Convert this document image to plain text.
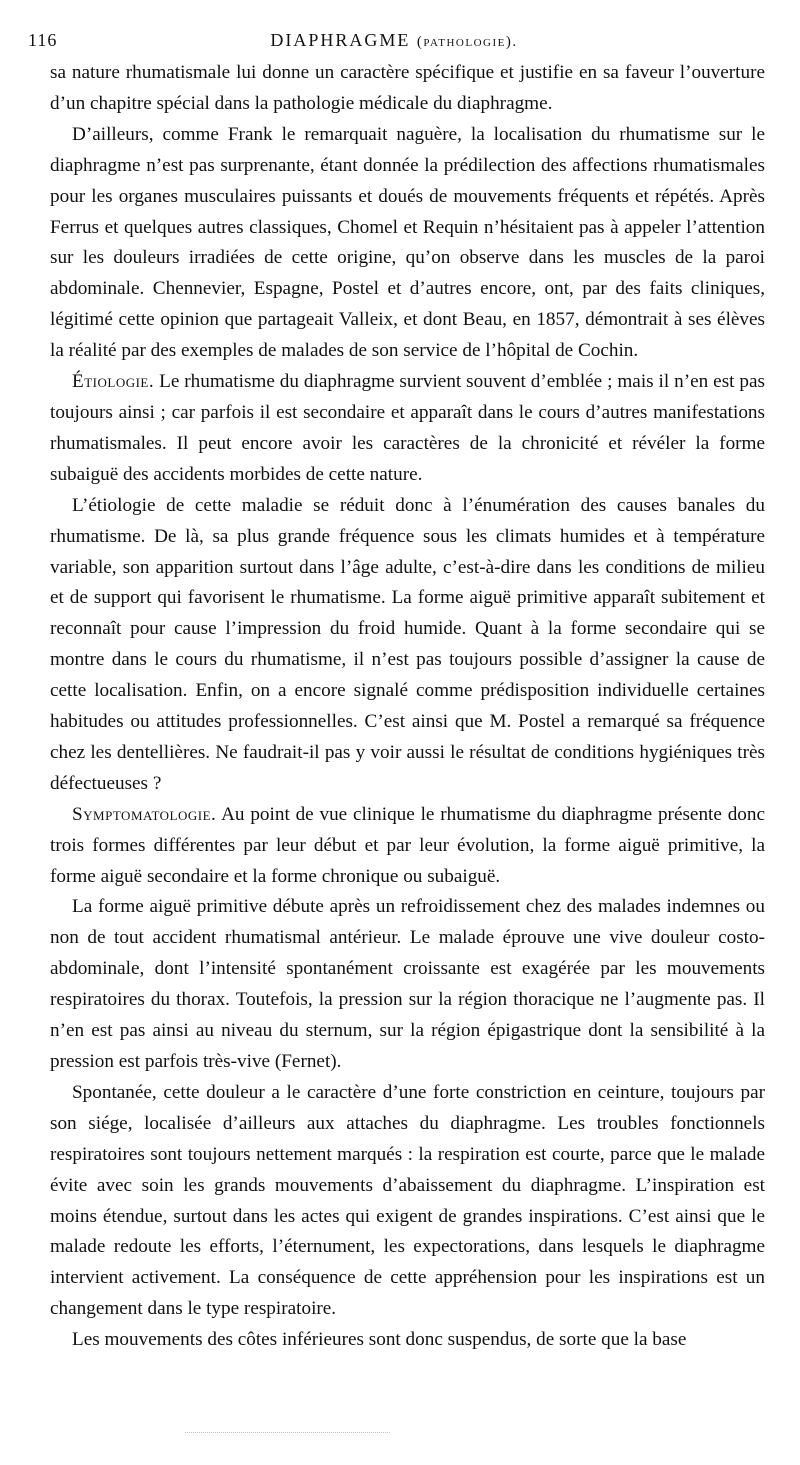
116	DIAPHRAGME (pathologie).

sa nature rhumatismale lui donne un caractère spécifique et justifie en sa faveur l’ouverture d’un chapitre spécial dans la pathologie médicale du diaphragme.

D’ailleurs, comme Frank le remarquait naguère, la localisation du rhumatisme sur le diaphragme n’est pas surprenante, étant donnée la prédilection des affections rhumatismales pour les organes musculaires puissants et doués de mouvements fréquents et répétés. Après Ferrus et quelques autres classiques, Chomel et Requin n’hésitaient pas à appeler l’attention sur les douleurs irradiées de cette origine, qu’on observe dans les muscles de la paroi abdominale. Chennevier, Espagne, Postel et d’autres encore, ont, par des faits cliniques, légitimé cette opinion que partageait Valleix, et dont Beau, en 1857, démontrait à ses élèves la réalité par des exemples de malades de son service de l’hôpital de Cochin.

Étiologie. Le rhumatisme du diaphragme survient souvent d’emblée ; mais il n’en est pas toujours ainsi ; car parfois il est secondaire et apparaît dans le cours d’autres manifestations rhumatismales. Il peut encore avoir les caractères de la chronicité et révéler la forme subaiguë des accidents morbides de cette nature.

L’étiologie de cette maladie se réduit donc à l’énumération des causes banales du rhumatisme. De là, sa plus grande fréquence sous les climats humides et à température variable, son apparition surtout dans l’âge adulte, c’est-à-dire dans les conditions de milieu et de support qui favorisent le rhumatisme. La forme aiguë primitive apparaît subitement et reconnaît pour cause l’impression du froid humide. Quant à la forme secondaire qui se montre dans le cours du rhumatisme, il n’est pas toujours possible d’assigner la cause de cette localisation. Enfin, on a encore signalé comme prédisposition individuelle certaines habitudes ou attitudes professionnelles. C’est ainsi que M. Postel a remarqué sa fréquence chez les dentellières. Ne faudrait-il pas y voir aussi le résultat de conditions hygiéniques très défectueuses ?

Symptomatologie. Au point de vue clinique le rhumatisme du diaphragme présente donc trois formes différentes par leur début et par leur évolution, la forme aiguë primitive, la forme aiguë secondaire et la forme chronique ou subaiguë.

La forme aiguë primitive débute après un refroidissement chez des malades indemnes ou non de tout accident rhumatismal antérieur. Le malade éprouve une vive douleur costo-abdominale, dont l’intensité spontanément croissante est exagérée par les mouvements respiratoires du thorax. Toutefois, la pression sur la région thoracique ne l’augmente pas. Il n’en est pas ainsi au niveau du sternum, sur la région épigastrique dont la sensibilité à la pression est parfois très-vive (Fernet).

Spontanée, cette douleur a le caractère d’une forte constriction en ceinture, toujours par son siége, localisée d’ailleurs aux attaches du diaphragme. Les troubles fonctionnels respiratoires sont toujours nettement marqués : la respiration est courte, parce que le malade évite avec soin les grands mouvements d’abaissement du diaphragme. L’inspiration est moins étendue, surtout dans les actes qui exigent de grandes inspirations. C’est ainsi que le malade redoute les efforts, l’éternument, les expectorations, dans lesquels le diaphragme intervient activement. La conséquence de cette appréhension pour les inspirations est un changement dans le type respiratoire.

Les mouvements des côtes inférieures sont donc suspendus, de sorte que la base
